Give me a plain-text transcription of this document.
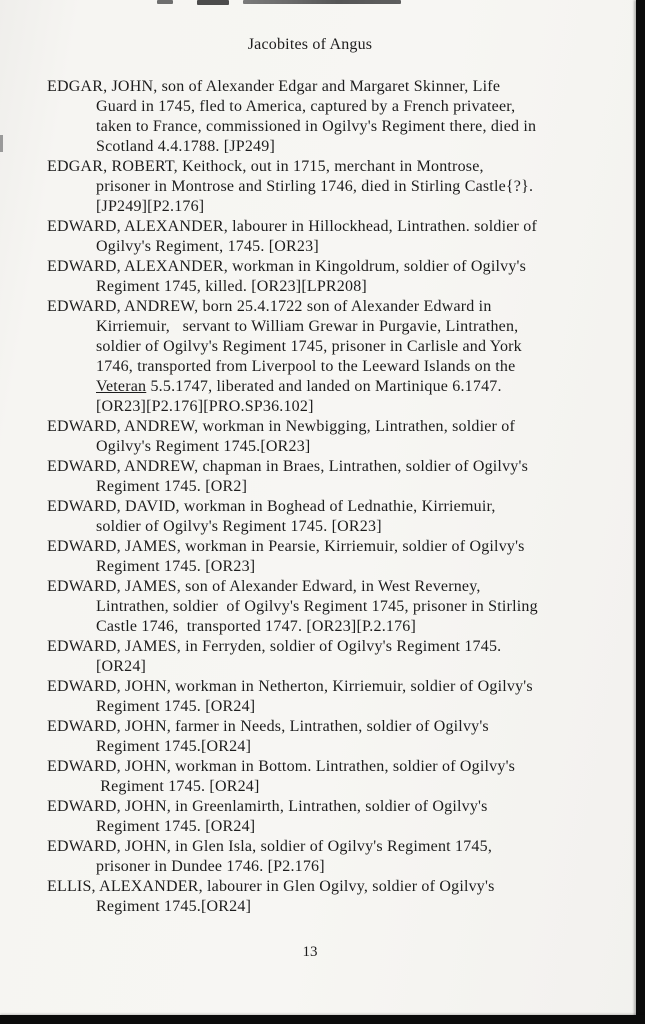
Jacobites of Angus
EDGAR, JOHN, son of Alexander Edgar and Margaret Skinner, Life
Guard in 1745, fled to America, captured by a French privateer,
taken to France, commissioned in Ogilvy's Regiment there, died in
Scotland 4.4.1788. [JP249]
EDGAR, ROBERT, Keithock, out in 1715, merchant in Montrose,
prisoner in Montrose and Stirling 1746, died in Stirling Castle{?}.
[JP249][P2.176]
EDWARD, ALEXANDER, labourer in Hillockhead, Lintrathen. soldier of
Ogilvy's Regiment, 1745. [OR23]
EDWARD, ALEXANDER, workman in Kingoldrum, soldier of Ogilvy's
Regiment 1745, killed. [OR23][LPR208]
EDWARD, ANDREW, born 25.4.1722 son of Alexander Edward in
Kirriemuir,   servant to William Grewar in Purgavie, Lintrathen,
soldier of Ogilvy's Regiment 1745, prisoner in Carlisle and York
1746, transported from Liverpool to the Leeward Islands on the
Veteran 5.5.1747, liberated and landed on Martinique 6.1747.
[OR23][P2.176][PRO.SP36.102]
EDWARD, ANDREW, workman in Newbigging, Lintrathen, soldier of
Ogilvy's Regiment 1745.[OR23]
EDWARD, ANDREW, chapman in Braes, Lintrathen, soldier of Ogilvy's
Regiment 1745. [OR2]
EDWARD, DAVID, workman in Boghead of Lednathie, Kirriemuir,
soldier of Ogilvy's Regiment 1745. [OR23]
EDWARD, JAMES, workman in Pearsie, Kirriemuir, soldier of Ogilvy's
Regiment 1745. [OR23]
EDWARD, JAMES, son of Alexander Edward, in West Reverney,
Lintrathen, soldier  of Ogilvy's Regiment 1745, prisoner in Stirling
Castle 1746,  transported 1747. [OR23][P.2.176]
EDWARD, JAMES, in Ferryden, soldier of Ogilvy's Regiment 1745.
[OR24]
EDWARD, JOHN, workman in Netherton, Kirriemuir, soldier of Ogilvy's
Regiment 1745. [OR24]
EDWARD, JOHN, farmer in Needs, Lintrathen, soldier of Ogilvy's
Regiment 1745.[OR24]
EDWARD, JOHN, workman in Bottom. Lintrathen, soldier of Ogilvy's
Regiment 1745. [OR24]
EDWARD, JOHN, in Greenlamirth, Lintrathen, soldier of Ogilvy's
Regiment 1745. [OR24]
EDWARD, JOHN, in Glen Isla, soldier of Ogilvy's Regiment 1745,
prisoner in Dundee 1746. [P2.176]
ELLIS, ALEXANDER, labourer in Glen Ogilvy, soldier of Ogilvy's
Regiment 1745.[OR24]
13
